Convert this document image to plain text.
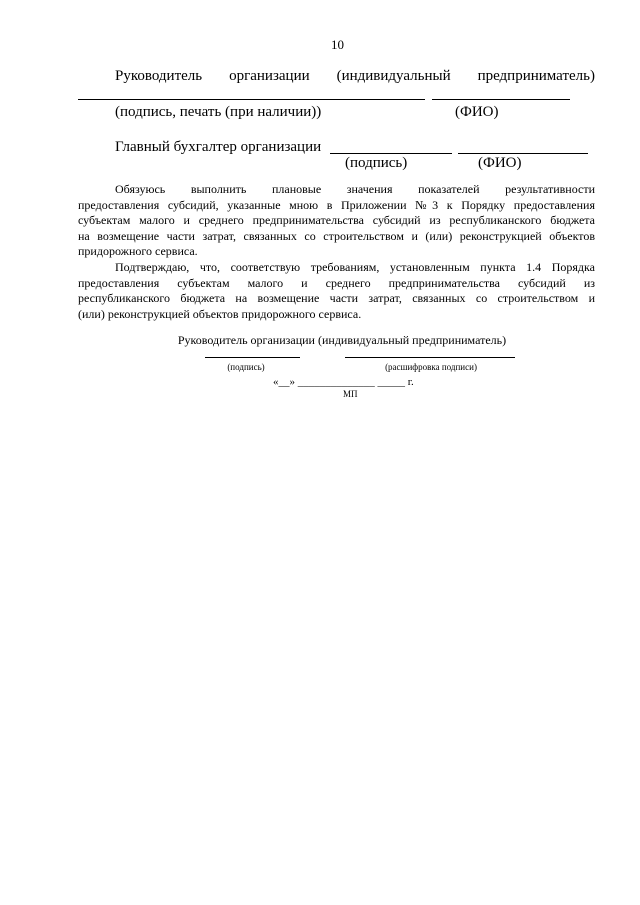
10
Руководитель организации (индивидуальный предприниматель)
(подпись, печать (при наличии))	(ФИО)
Главный бухгалтер организации
(подпись)	(ФИО)
Обязуюсь выполнить плановые значения показателей результативности
предоставления субсидий, указанные мною в Приложении №3 к Порядку предоставления
субъектам малого и среднего предпринимательства субсидий из республиканского бюджета
на возмещение части затрат, связанных со строительством и (или) реконструкцией объектов
придорожного сервиса.
Подтверждаю, что, соответствую требованиям, установленным пункта 1.4 Порядка
предоставления субъектам малого и среднего предпринимательства субсидий из
республиканского бюджета на возмещение части затрат, связанных со строительством и
(или) реконструкцией объектов придорожного сервиса.
Руководитель организации (индивидуальный предприниматель)
(подпись)	(расшифровка подписи)
«__» ______________ _____ г.
МП
